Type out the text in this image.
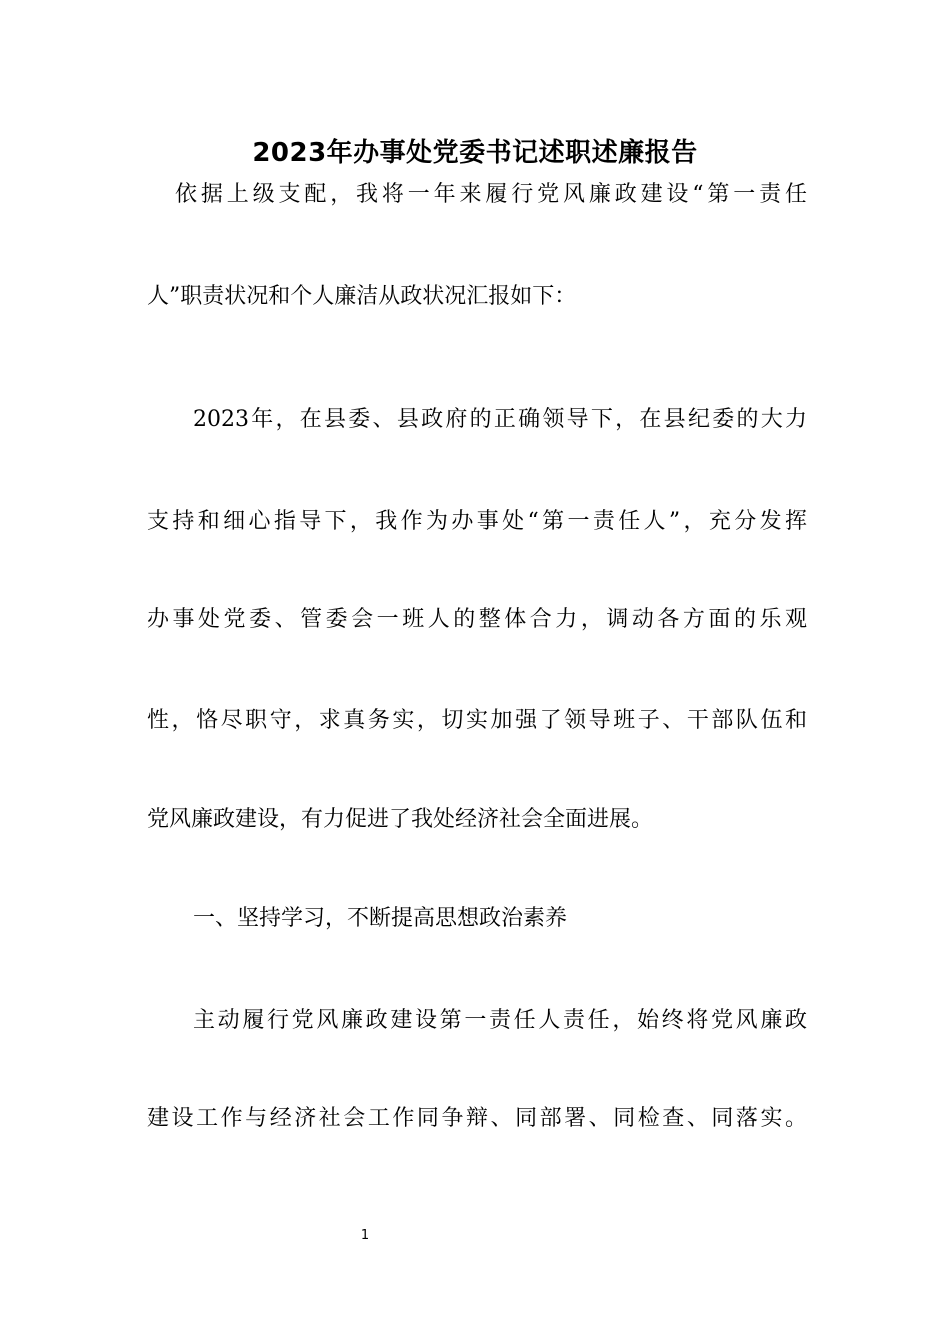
2023年办事处党委书记述职述廉报告
依据上级支配，我将一年来履行党风廉政建设“第一责任
人”职责状况和个人廉洁从政状况汇报如下：
2023年，在县委、县政府的正确领导下，在县纪委的大力
支持和细心指导下，我作为办事处“第一责任人”，充分发挥
办事处党委、管委会一班人的整体合力，调动各方面的乐观
性，恪尽职守，求真务实，切实加强了领导班子、干部队伍和
党风廉政建设，有力促进了我处经济社会全面进展。
一、坚持学习，不断提高思想政治素养
主动履行党风廉政建设第一责任人责任，始终将党风廉政
建设工作与经济社会工作同争辩、同部署、同检查、同落实。
1
